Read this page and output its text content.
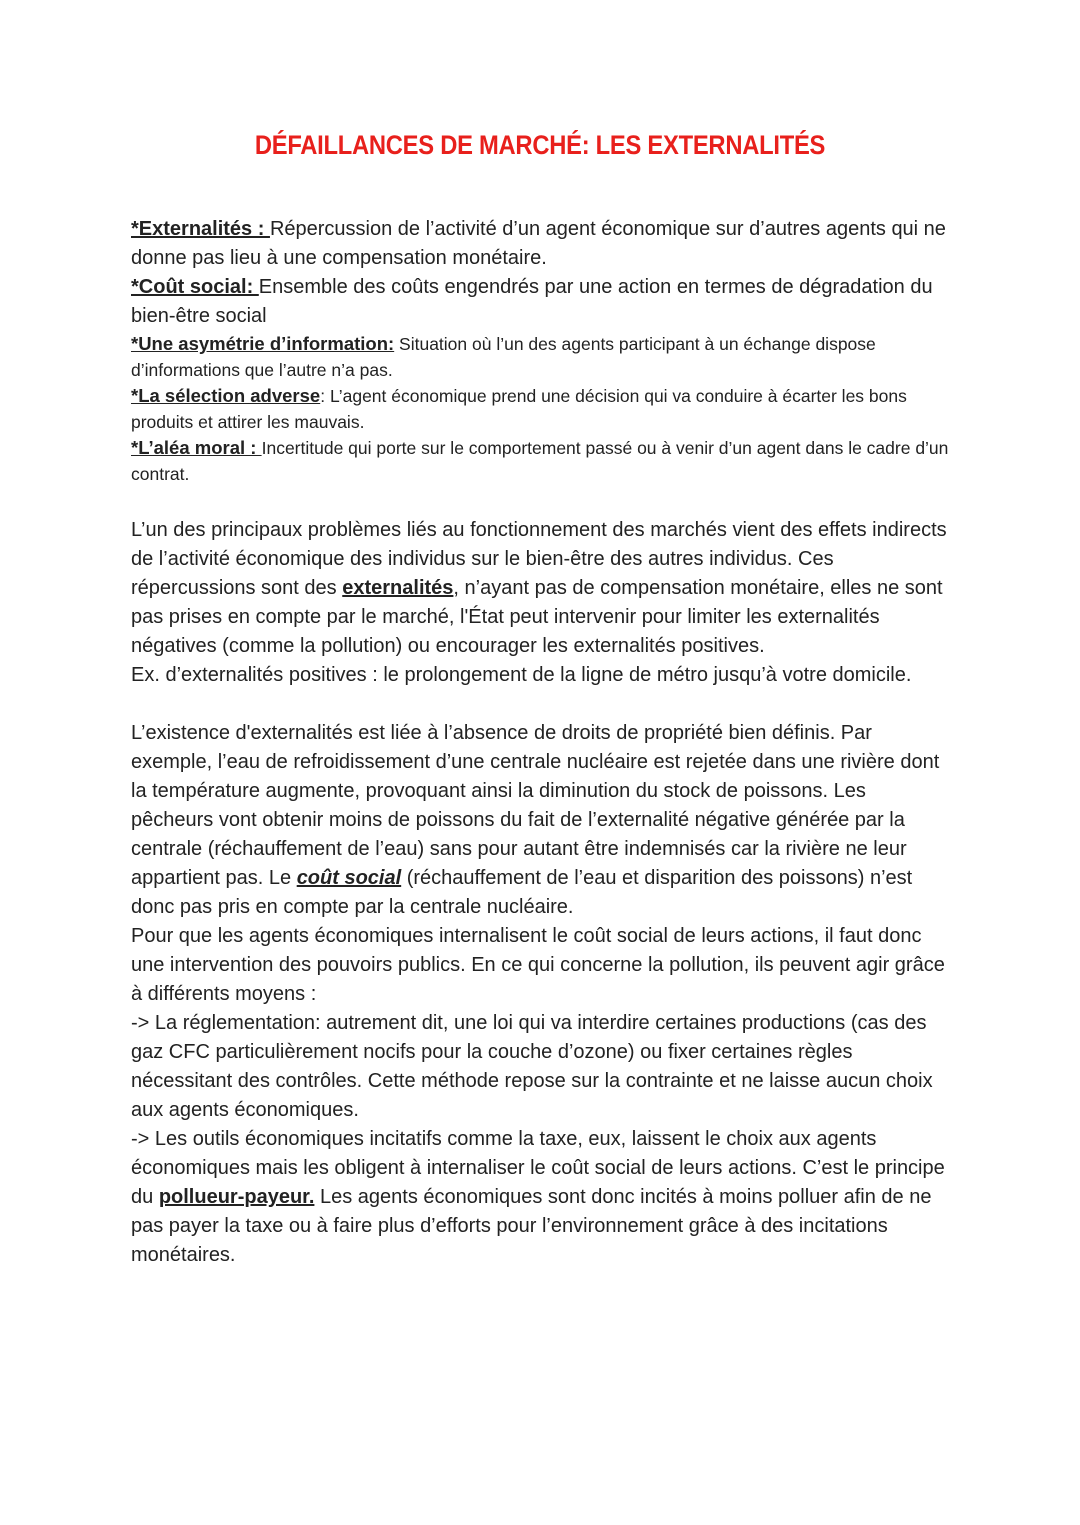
DÉFAILLANCES DE MARCHÉ: LES EXTERNALITÉS

*Externalités : Répercussion de l’activité d’un agent économique sur d’autres agents qui ne donne pas lieu à une compensation monétaire.

*Coût social: Ensemble des coûts engendrés par une action en termes de dégradation du bien-être social

*Une asymétrie d’information: Situation où l’un des agents participant à un échange dispose d’informations que l’autre n’a pas.

*La sélection adverse: L’agent économique prend une décision qui va conduire à écarter les bons produits et attirer les mauvais.

*L’aléa moral : Incertitude qui porte sur le comportement passé ou à venir d’un agent dans le cadre d’un contrat.

L’un des principaux problèmes liés au fonctionnement des marchés vient des effets indirects de l’activité économique des individus sur le bien-être des autres individus. Ces répercussions sont des externalités, n’ayant pas de compensation monétaire, elles ne sont pas prises en compte par le marché, l'État peut intervenir pour limiter les externalités négatives (comme la pollution) ou encourager les externalités positives.

Ex. d’externalités positives : le prolongement de la ligne de métro jusqu’à votre domicile.

L’existence d'externalités est liée à l’absence de droits de propriété bien définis. Par exemple, l’eau de refroidissement d’une centrale nucléaire est rejetée dans une rivière dont la température augmente, provoquant ainsi la diminution du stock de poissons. Les pêcheurs vont obtenir moins de poissons du fait de l’externalité négative générée par la centrale (réchauffement de l’eau) sans pour autant être indemnisés car la rivière ne leur appartient pas. Le coût social (réchauffement de l’eau et disparition des poissons) n’est donc pas pris en compte par la centrale nucléaire.

Pour que les agents économiques internalisent le coût social de leurs actions, il faut donc une intervention des pouvoirs publics. En ce qui concerne la pollution, ils peuvent agir grâce à différents moyens :

-> La réglementation: autrement dit, une loi qui va interdire certaines productions (cas des gaz CFC particulièrement nocifs pour la couche d’ozone) ou fixer certaines règles nécessitant des contrôles. Cette méthode repose sur la contrainte et ne laisse aucun choix aux agents économiques.

-> Les outils économiques incitatifs comme la taxe, eux, laissent le choix aux agents économiques mais les obligent à internaliser le coût social de leurs actions. C’est le principe du pollueur-payeur. Les agents économiques sont donc incités à moins polluer afin de ne pas payer la taxe ou à faire plus d’efforts pour l’environnement grâce à des incitations monétaires.
